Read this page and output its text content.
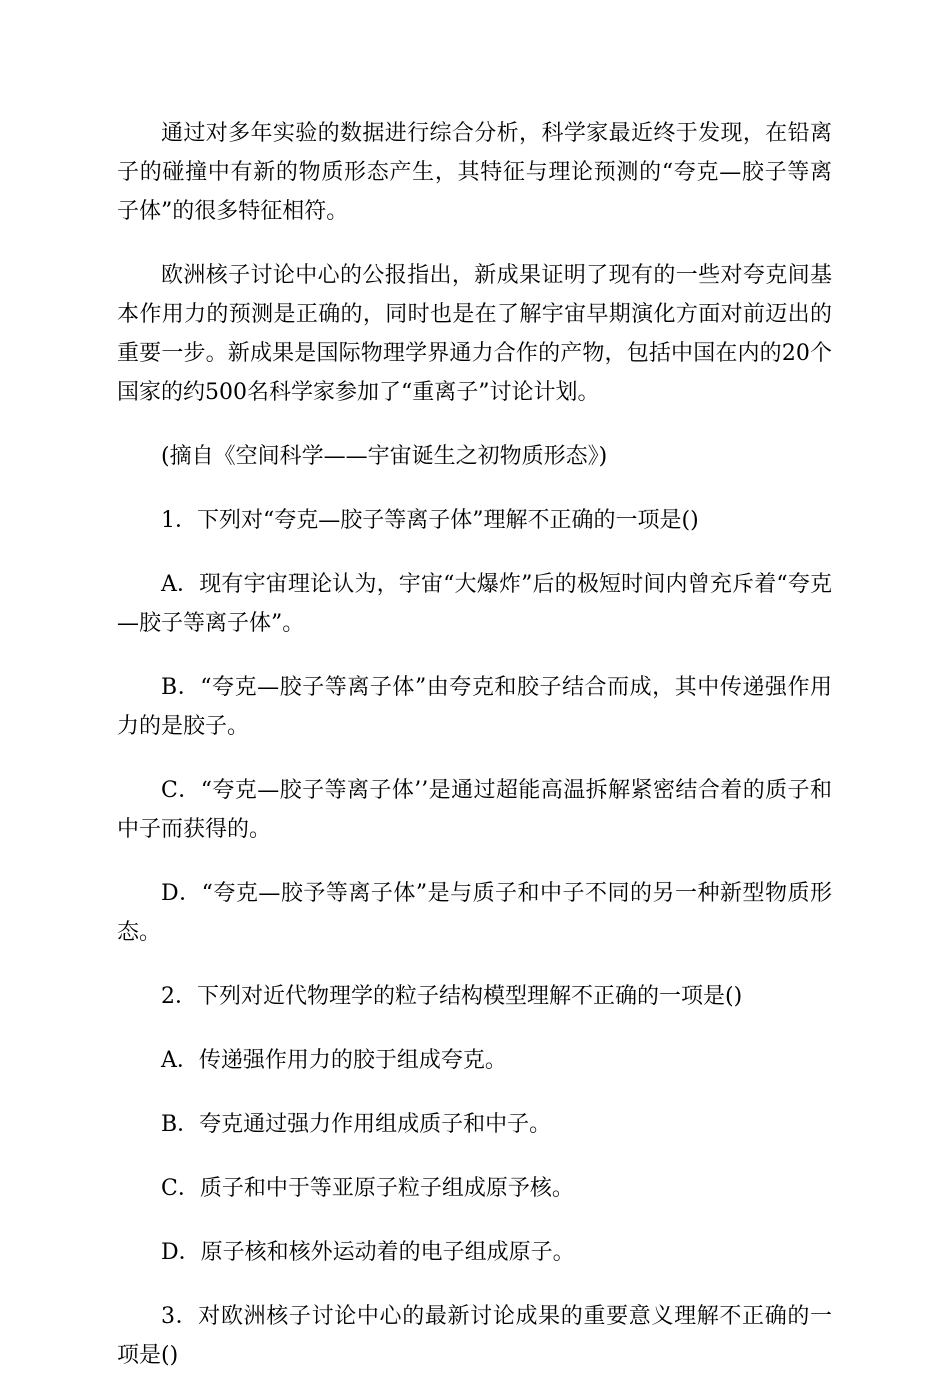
通过对多年实验的数据进行综合分析，科学家最近终于发现，在铅离子的碰撞中有新的物质形态产生，其特征与理论预测的“夸克—胶子等离子体”的很多特征相符。

欧洲核子讨论中心的公报指出，新成果证明了现有的一些对夸克间基本作用力的预测是正确的，同时也是在了解宇宙早期演化方面对前迈出的重要一步。新成果是国际物理学界通力合作的产物，包括中国在内的20个国家的约500名科学家参加了“重离子”讨论计划。

(摘自《空间科学——宇宙诞生之初物质形态》)

1．下列对“夸克—胶子等离子体”理解不正确的一项是()

A．现有宇宙理论认为，宇宙“大爆炸”后的极短时间内曾充斥着“夸克—胶子等离子体”。

B．“夸克—胶子等离子体”由夸克和胶子结合而成，其中传递强作用力的是胶子。

C．“夸克—胶子等离子体’’是通过超能高温拆解紧密结合着的质子和中子而获得的。

D．“夸克—胶予等离子体”是与质子和中子不同的另一种新型物质形态。

2．下列对近代物理学的粒子结构模型理解不正确的一项是()

A．传递强作用力的胶于组成夸克。

B．夸克通过强力作用组成质子和中子。

C．质子和中于等亚原子粒子组成原予核。

D．原子核和核外运动着的电子组成原子。

3．对欧洲核子讨论中心的最新讨论成果的重要意义理解不正确的一项是()
